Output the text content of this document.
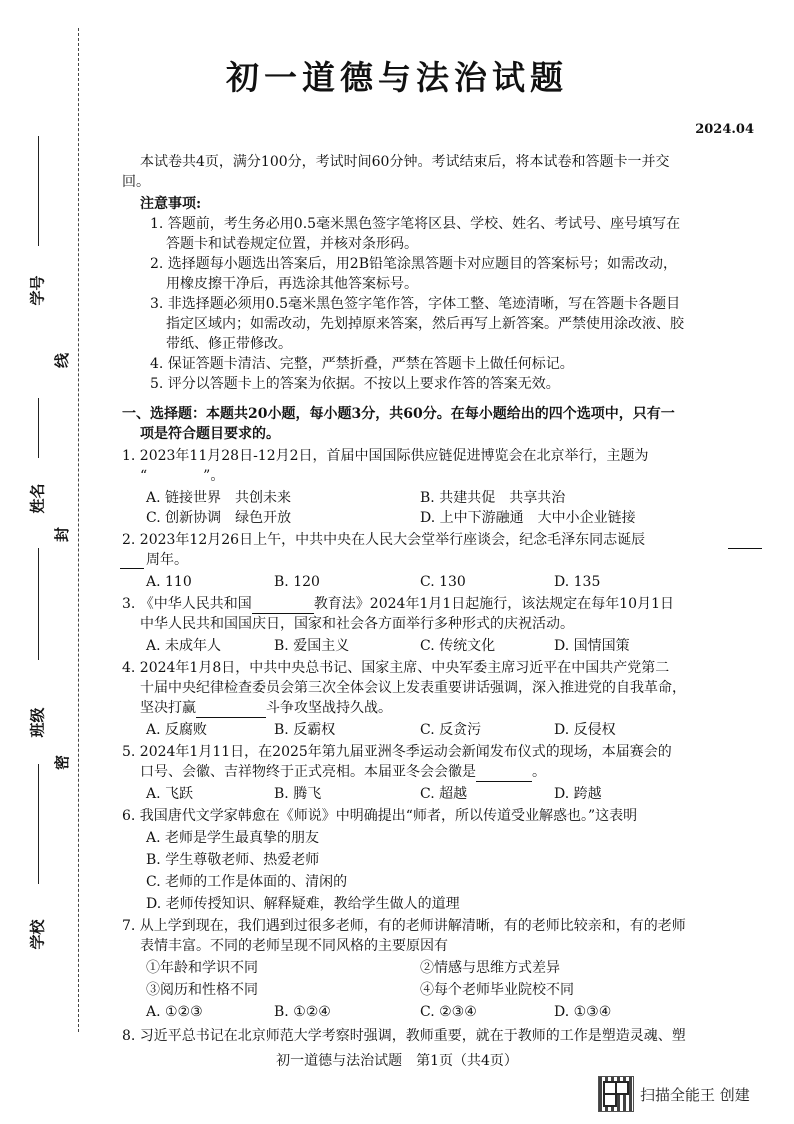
学号
姓名
班级
学校
线
封
密
初一道德与法治试题
2024.04
本试卷共4页，满分100分，考试时间60分钟。考试结束后，将本试卷和答题卡一并交
回。
注意事项:
1. 答题前，考生务必用0.5毫米黑色签字笔将区县、学校、姓名、考试号、座号填写在
答题卡和试卷规定位置，并核对条形码。
2. 选择题每小题选出答案后，用2B铅笔涂黑答题卡对应题目的答案标号；如需改动，
用橡皮擦干净后，再选涂其他答案标号。
3. 非选择题必须用0.5毫米黑色签字笔作答，字体工整、笔迹清晰，写在答题卡各题目
指定区域内；如需改动，先划掉原来答案，然后再写上新答案。严禁使用涂改液、胶
带纸、修正带修改。
4. 保证答题卡清洁、完整，严禁折叠，严禁在答题卡上做任何标记。
5. 评分以答题卡上的答案为依据。不按以上要求作答的答案无效。
一、选择题：本题共20小题，每小题3分，共60分。在每小题给出的四个选项中，只有一
项是符合题目要求的。
1. 2023年11月28日-12月2日，首届中国国际供应链促进博览会在北京举行，主题为
“　　　　”。
A. 链接世界　共创未来	B. 共建共促　共享共治
C. 创新协调　绿色开放	D. 上中下游融通　大中小企业链接
2. 2023年12月26日上午，中共中央在人民大会堂举行座谈会，纪念毛泽东同志诞辰
周年。
A. 110	B. 120	C. 130	D. 135
3. 《中华人民共和国	教育法》2024年1月1日起施行，该法规定在每年10月1日
中华人民共和国国庆日，国家和社会各方面举行多种形式的庆祝活动。
A. 未成年人	B. 爱国主义	C. 传统文化	D. 国情国策
4. 2024年1月8日，中共中央总书记、国家主席、中央军委主席习近平在中国共产党第二
十届中央纪律检查委员会第三次全体会议上发表重要讲话强调，深入推进党的自我革命，
坚决打赢	斗争攻坚战持久战。
A. 反腐败	B. 反霸权	C. 反贪污	D. 反侵权
5. 2024年1月11日，在2025年第九届亚洲冬季运动会新闻发布仪式的现场，本届赛会的
口号、会徽、吉祥物终于正式亮相。本届亚冬会会徽是	。
A. 飞跃	B. 腾飞	C. 超越	D. 跨越
6. 我国唐代文学家韩愈在《师说》中明确提出“师者，所以传道受业解惑也。”这表明
A. 老师是学生最真挚的朋友
B. 学生尊敬老师、热爱老师
C. 老师的工作是体面的、清闲的
D. 老师传授知识、解释疑难，教给学生做人的道理
7. 从上学到现在，我们遇到过很多老师，有的老师讲解清晰，有的老师比较亲和，有的老师
表情丰富。不同的老师呈现不同风格的主要原因有
①年龄和学识不同	②情感与思维方式差异
③阅历和性格不同	④每个老师毕业院校不同
A. ①②③	B. ①②④	C. ②③④	D. ①③④
8. 习近平总书记在北京师范大学考察时强调，教师重要，就在于教师的工作是塑造灵魂、塑
初一道德与法治试题　第1页（共4页）
扫描全能王 创建
